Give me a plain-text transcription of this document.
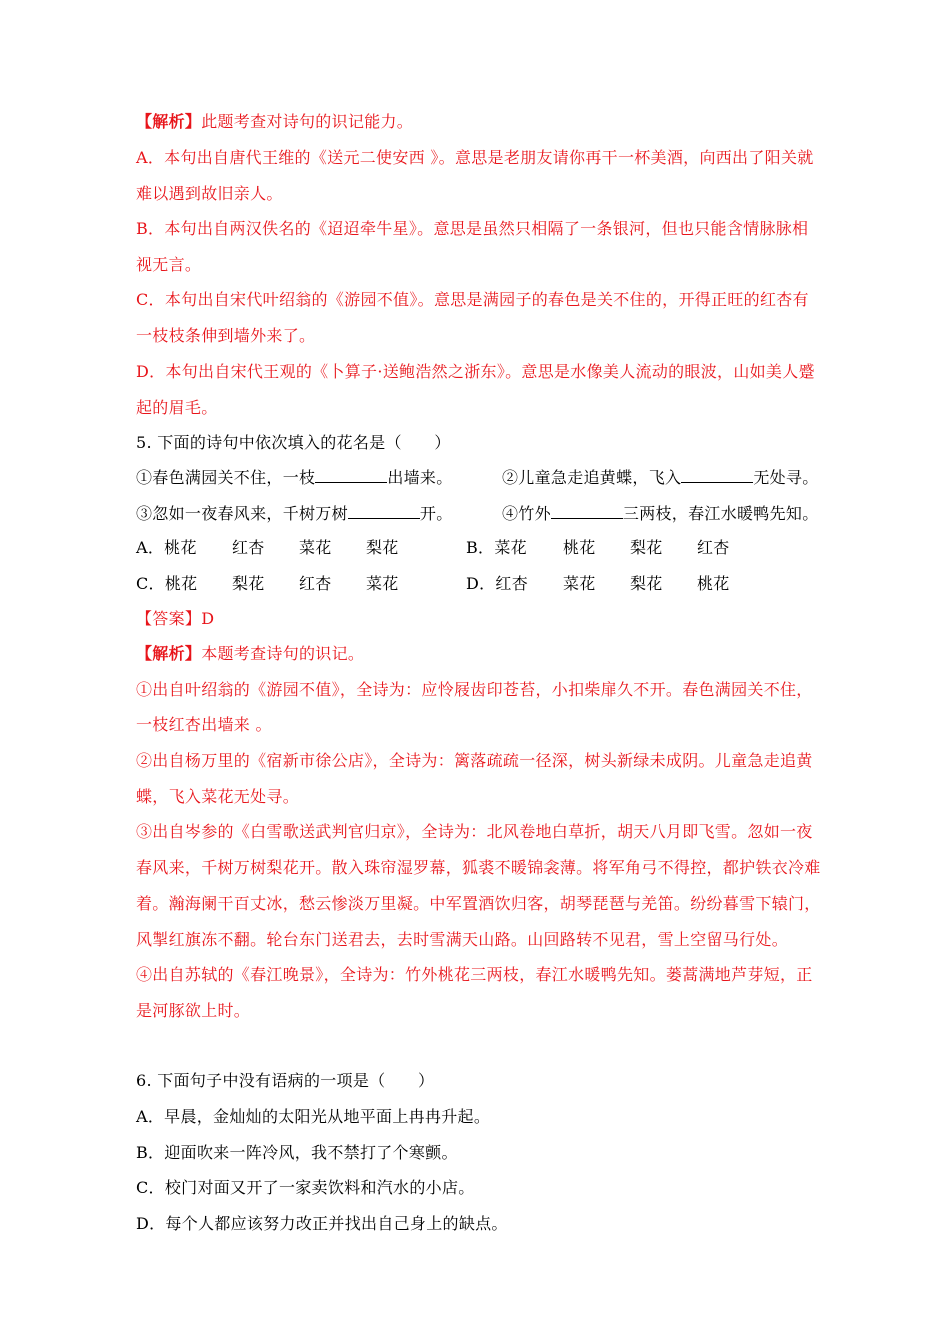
【解析】此题考查对诗句的识记能力。
A．本句出自唐代王维的《送元二使安西 》。意思是老朋友请你再干一杯美酒，向西出了阳关就
难以遇到故旧亲人。
B．本句出自两汉佚名的《迢迢牵牛星》。意思是虽然只相隔了一条银河，但也只能含情脉脉相
视无言。
C．本句出自宋代叶绍翁的《游园不值》。意思是满园子的春色是关不住的，开得正旺的红杏有
一枝枝条伸到墙外来了。
D．本句出自宋代王观的《卜算子·送鲍浩然之浙东》。意思是水像美人流动的眼波，山如美人蹙
起的眉毛。
5. 下面的诗句中依次填入的花名是（　　）
①春色满园关不住，一枝	出墙来。	②儿童急走追黄蝶，飞入	无处寻。
③忽如一夜春风来，千树万树	开。	④竹外	三两枝，春江水暖鸭先知。
A．桃花 红杏 菜花 梨花	B．菜花 桃花 梨花 红杏
C．桃花 梨花 红杏 菜花	D．红杏 菜花 梨花 桃花
【答案】D
【解析】本题考查诗句的识记。
①出自叶绍翁的《游园不值》，全诗为：应怜屐齿印苍苔，小扣柴扉久不开。春色满园关不住，
一枝红杏出墙来 。
②出自杨万里的《宿新市徐公店》，全诗为：篱落疏疏一径深，树头新绿未成阴。儿童急走追黄
蝶，飞入菜花无处寻。
③出自岑参的《白雪歌送武判官归京》，全诗为：北风卷地白草折，胡天八月即飞雪。忽如一夜
春风来，千树万树梨花开。散入珠帘湿罗幕，狐裘不暖锦衾薄。将军角弓不得控，都护铁衣冷难
着。瀚海阑干百丈冰，愁云惨淡万里凝。中军置酒饮归客，胡琴琵琶与羌笛。纷纷暮雪下辕门，
风掣红旗冻不翻。轮台东门送君去，去时雪满天山路。山回路转不见君，雪上空留马行处。
④出自苏轼的《春江晚景》，全诗为：竹外桃花三两枝，春江水暖鸭先知。蒌蒿满地芦芽短，正
是河豚欲上时。
6. 下面句子中没有语病的一项是（　　）
A．早晨，金灿灿的太阳光从地平面上冉冉升起。
B．迎面吹来一阵冷风，我不禁打了个寒颤。
C．校门对面又开了一家卖饮料和汽水的小店。
D．每个人都应该努力改正并找出自己身上的缺点。
